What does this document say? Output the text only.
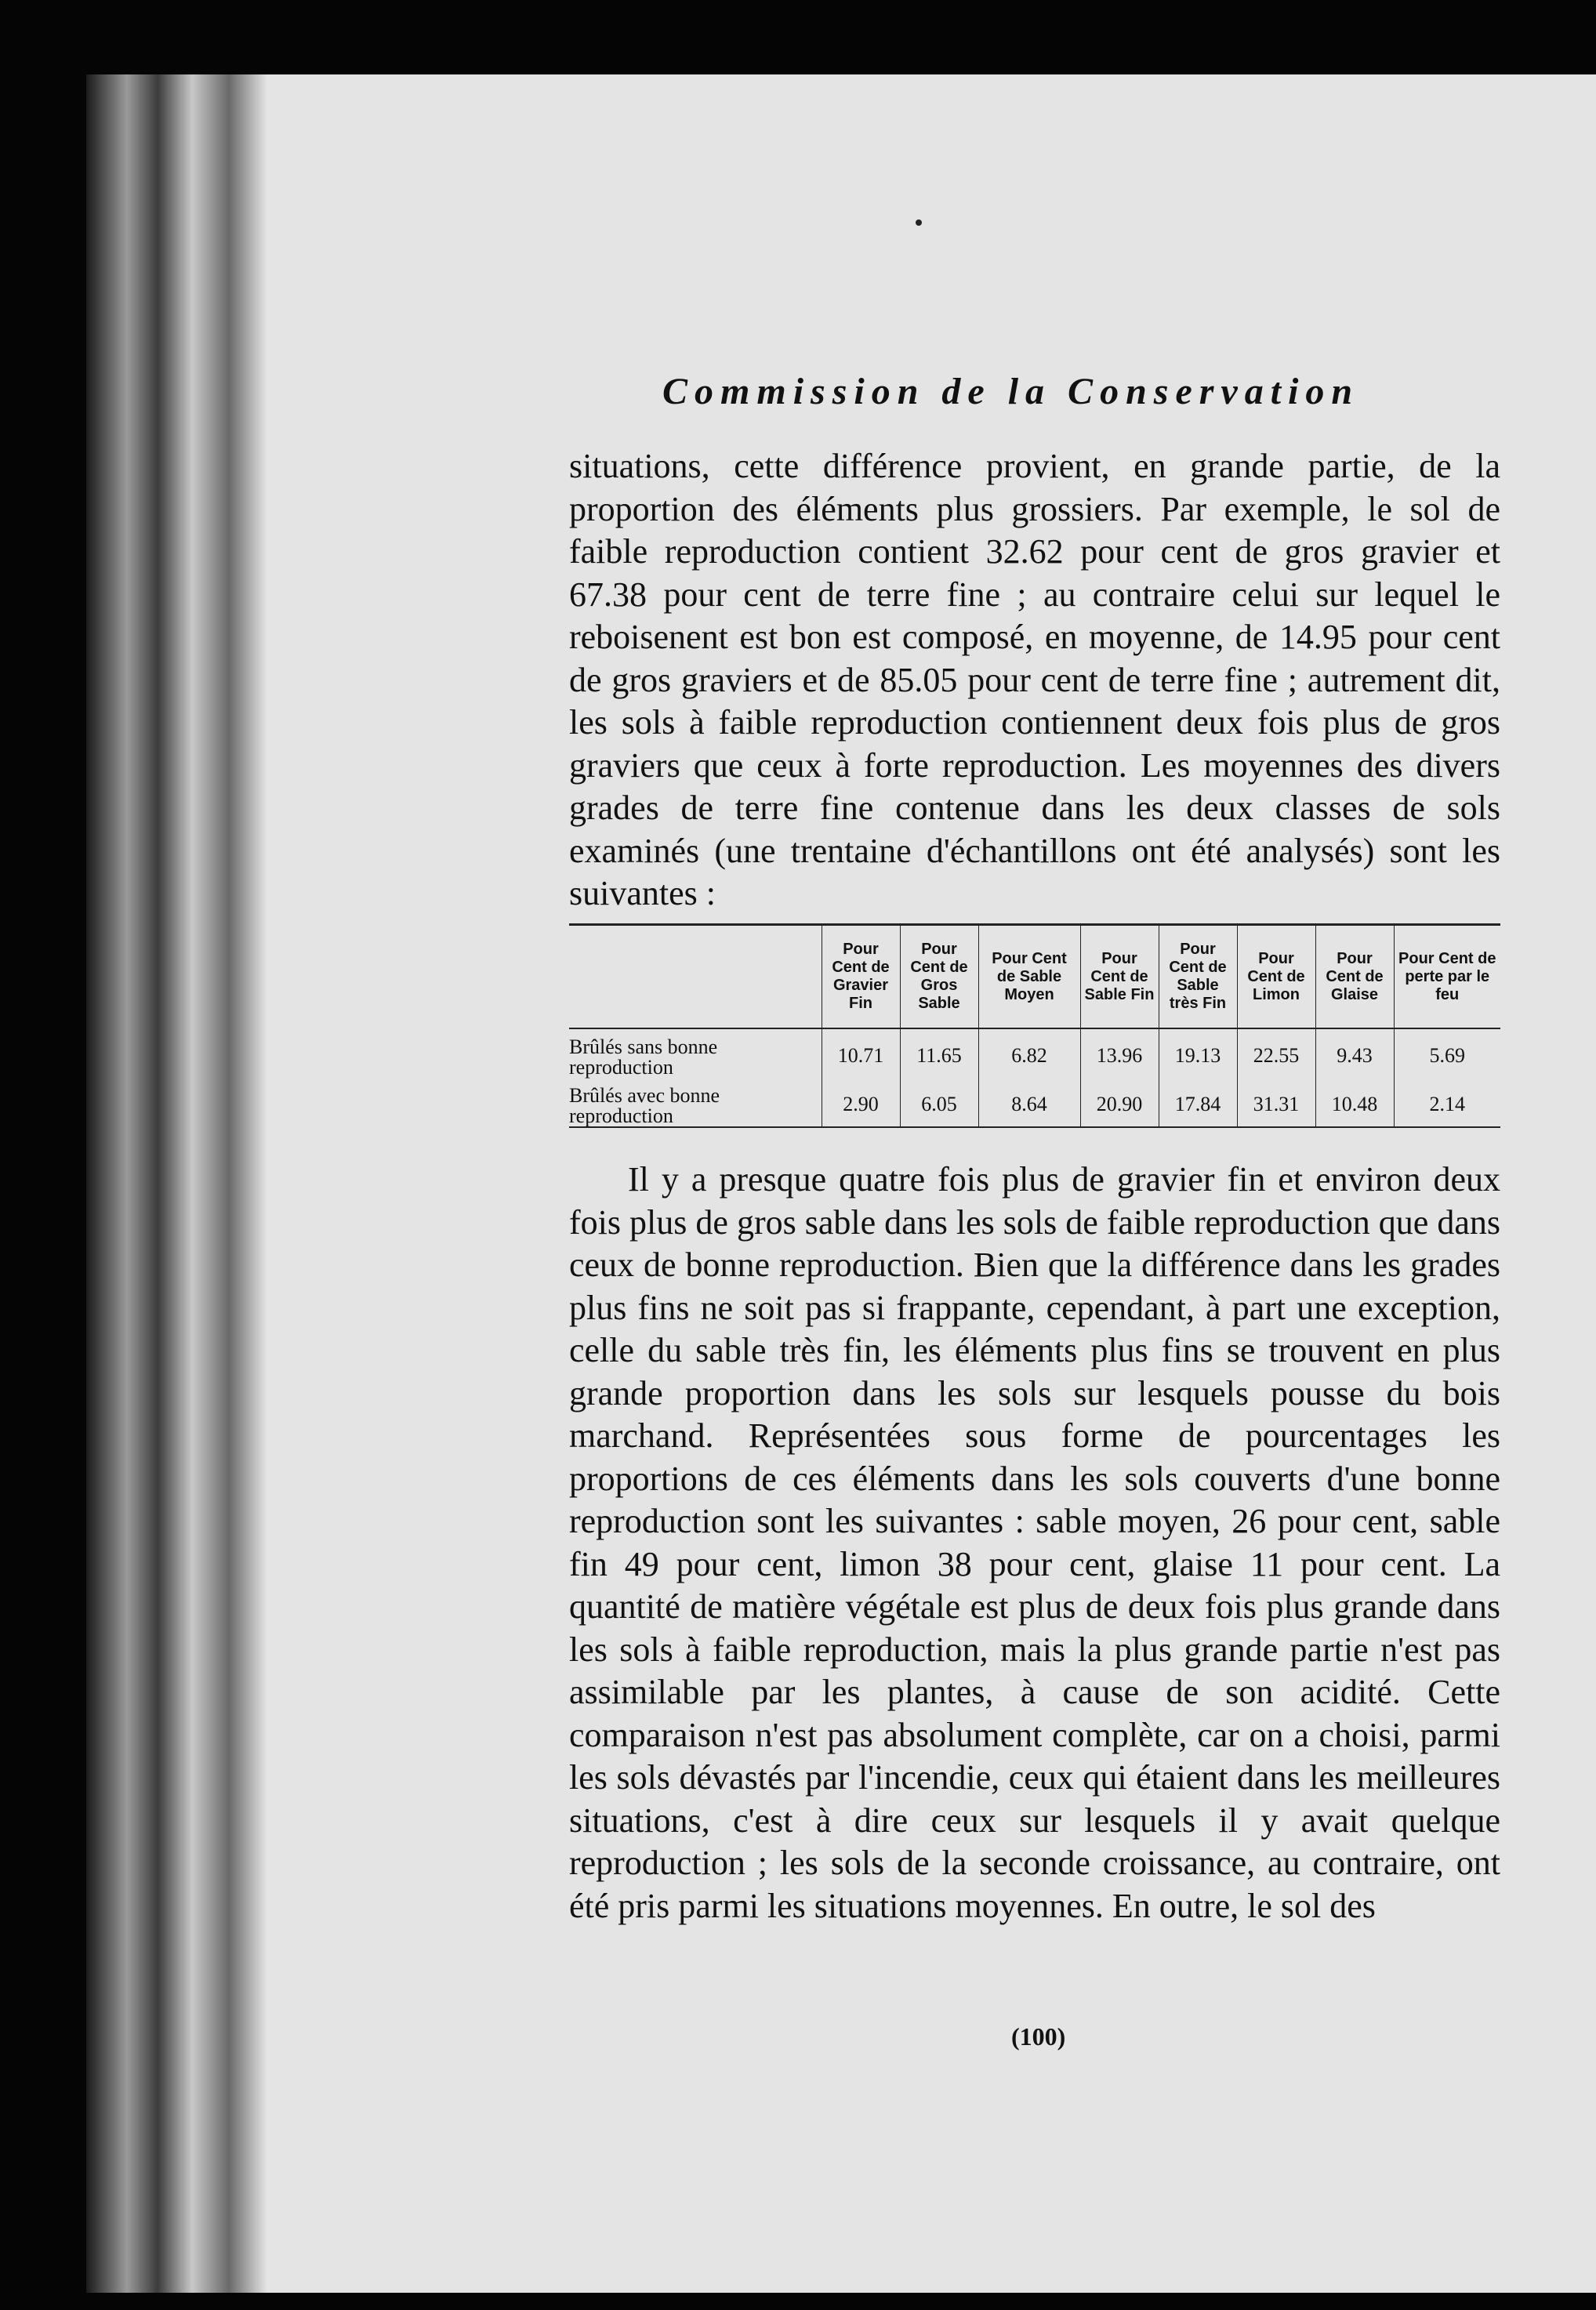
Commission de la Conservation

situations, cette différence provient, en grande partie, de la proportion des éléments plus grossiers. Par exemple, le sol de faible reproduction contient 32.62 pour cent de gros gravier et 67.38 pour cent de terre fine ; au contraire celui sur lequel le reboisenent est bon est composé, en moyenne, de 14.95 pour cent de gros graviers et de 85.05 pour cent de terre fine ; autrement dit, les sols à faible reproduction contiennent deux fois plus de gros graviers que ceux à forte reproduction. Les moyennes des divers grades de terre fine contenue dans les deux classes de sols examinés (une trentaine d'échantillons ont été analysés) sont les suivantes :

	Pour Cent de Gravier Fin	Pour Cent de Gros Sable	Pour Cent de Sable Moyen	Pour Cent de Sable Fin	Pour Cent de Sable très Fin	Pour Cent de Limon	Pour Cent de Glaise	Pour Cent de perte par le feu
Brûlés sans bonne reproduction	10.71	11.65	6.82	13.96	19.13	22.55	9.43	5.69
Brûlés avec bonne reproduction	2.90	6.05	8.64	20.90	17.84	31.31	10.48	2.14

Il y a presque quatre fois plus de gravier fin et environ deux fois plus de gros sable dans les sols de faible reproduction que dans ceux de bonne reproduction. Bien que la différence dans les grades plus fins ne soit pas si frappante, cependant, à part une exception, celle du sable très fin, les éléments plus fins se trouvent en plus grande proportion dans les sols sur lesquels pousse du bois marchand. Représentées sous forme de pourcentages les proportions de ces éléments dans les sols couverts d'une bonne reproduction sont les suivantes : sable moyen, 26 pour cent, sable fin 49 pour cent, limon 38 pour cent, glaise 11 pour cent. La quantité de matière végétale est plus de deux fois plus grande dans les sols à faible reproduction, mais la plus grande partie n'est pas assimilable par les plantes, à cause de son acidité. Cette comparaison n'est pas absolument complète, car on a choisi, parmi les sols dévastés par l'incendie, ceux qui étaient dans les meilleures situations, c'est à dire ceux sur lesquels il y avait quelque reproduction ; les sols de la seconde croissance, au contraire, ont été pris parmi les situations moyennes. En outre, le sol des

(100)
